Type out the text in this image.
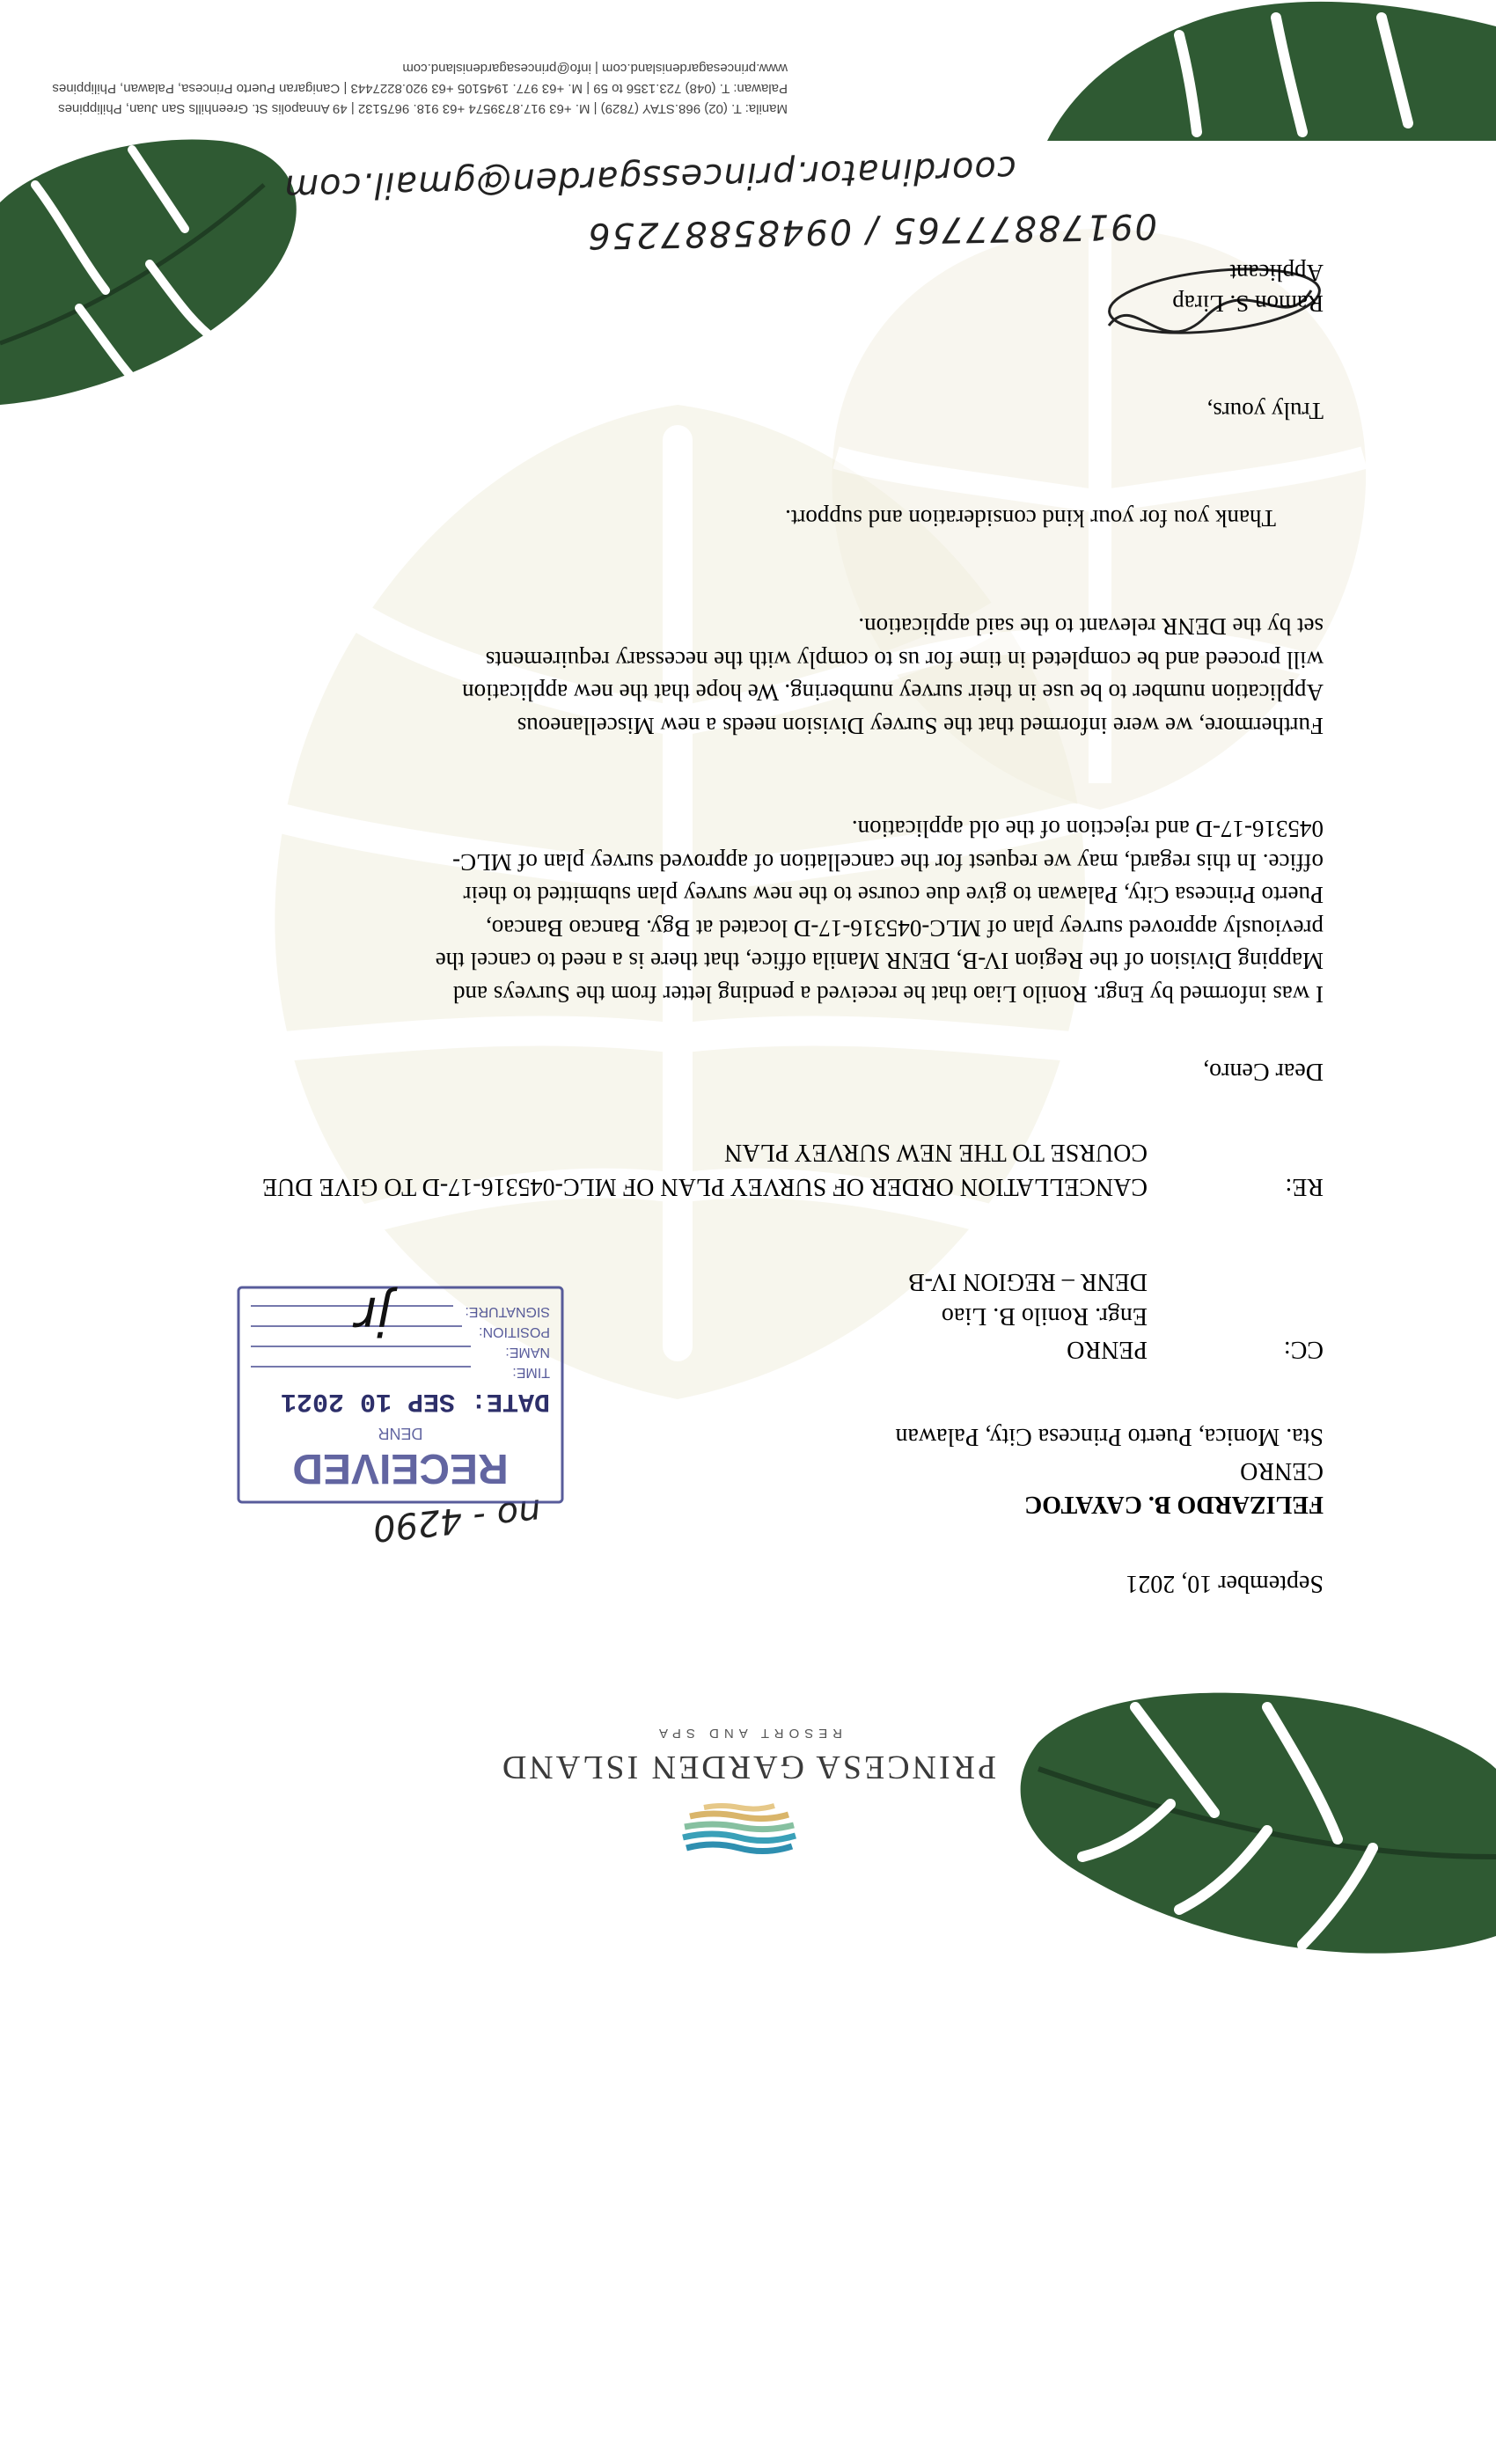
PRINCESA GARDEN ISLAND
RESORT AND SPA
September 10, 2021
FELIZARDO B. CAYATOC
CENRO
Sta. Monica, Puerto Princesa City, Palawan
no - 4290
RECEIVED
DENR
DATE: SEP 10 2021
TIME:
NAME:
POSITION:
SIGNATURE:
jr
CC:
PENRO
Engr. Ronilo B. Liao
DENR – REGION IV-B
RE:
CANCELLATION ORDER OF SURVEY PLAN OF MLC-045316-17-D TO GIVE DUE
COURSE TO THE NEW SURVEY PLAN
Dear Cenro,
I was informed by Engr. Ronilo Liao that he received a pending letter from the Surveys and
Mapping Division of the Region IV-B, DENR Manila office, that there is a need to cancel the
previously approved survey plan of MLC-045316-17-D located at Bgy. Bancao Bancao,
Puerto Princesa City, Palawan to give due course to the new survey plan submitted to their
office. In this regard, may we request for the cancellation of approved survey plan of MLC-
045316-17-D and rejection of the old application.
Furthermore, we were informed that the Survey Division needs a new Miscellaneous
Application number to be use in their survey numbering. We hope that the new application
will proceed and be completed in time for us to comply with the necessary requirements
set by the DENR relevant to the said application.
Thank you for your kind consideration and support.
Truly yours,
Ramon S. Lirap
Applicant
09178877765 / 09485887256
coordinator.princessgarden@gmail.com
Manila: T. (02) 968.STAY (7829) | M. +63 917.8739574 +63 918. 9675132 | 49 Annapolis St. Greenhills San Juan, Philippines
Palawan: T. (048) 723.1356 to 59 | M. +63 977. 1945105 +63 920.8227443 | Canigaran Puerto Princesa, Palawan, Philippines
www.princesagardenisland.com | info@princesagardenisland.com
